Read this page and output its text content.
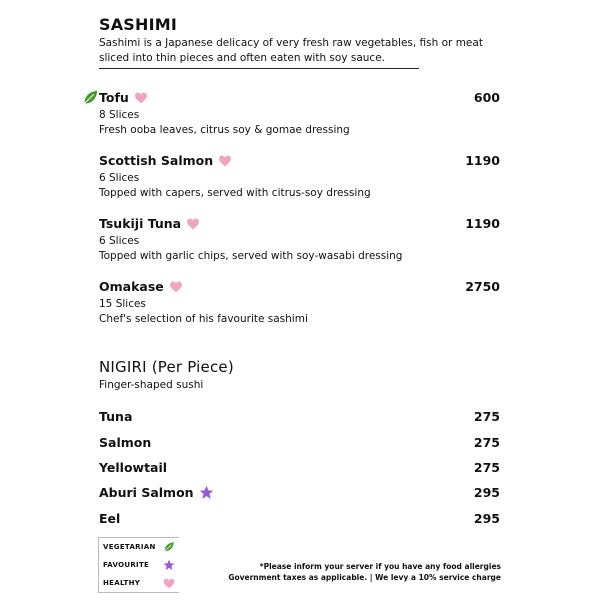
SASHIMI
Sashimi is a Japanese delicacy of very fresh raw vegetables, fish or meat
sliced into thin pieces and often eaten with soy sauce.
Tofu	600
8 Slices
Fresh ooba leaves, citrus soy & gomae dressing
Scottish Salmon	1190
6 Slices
Topped with capers, served with citrus-soy dressing
Tsukiji Tuna	1190
6 Slices
Topped with garlic chips, served with soy-wasabi dressing
Omakase	2750
15 Slices
Chef's selection of his favourite sashimi
NIGIRI (Per Piece)
Finger-shaped sushi
Tuna	275
Salmon	275
Yellowtail	275
Aburi Salmon	295
Eel	295
VEGETARIAN
FAVOURITE
HEALTHY
*Please inform your server if you have any food allergies
Government taxes as applicable. | We levy a 10% service charge
